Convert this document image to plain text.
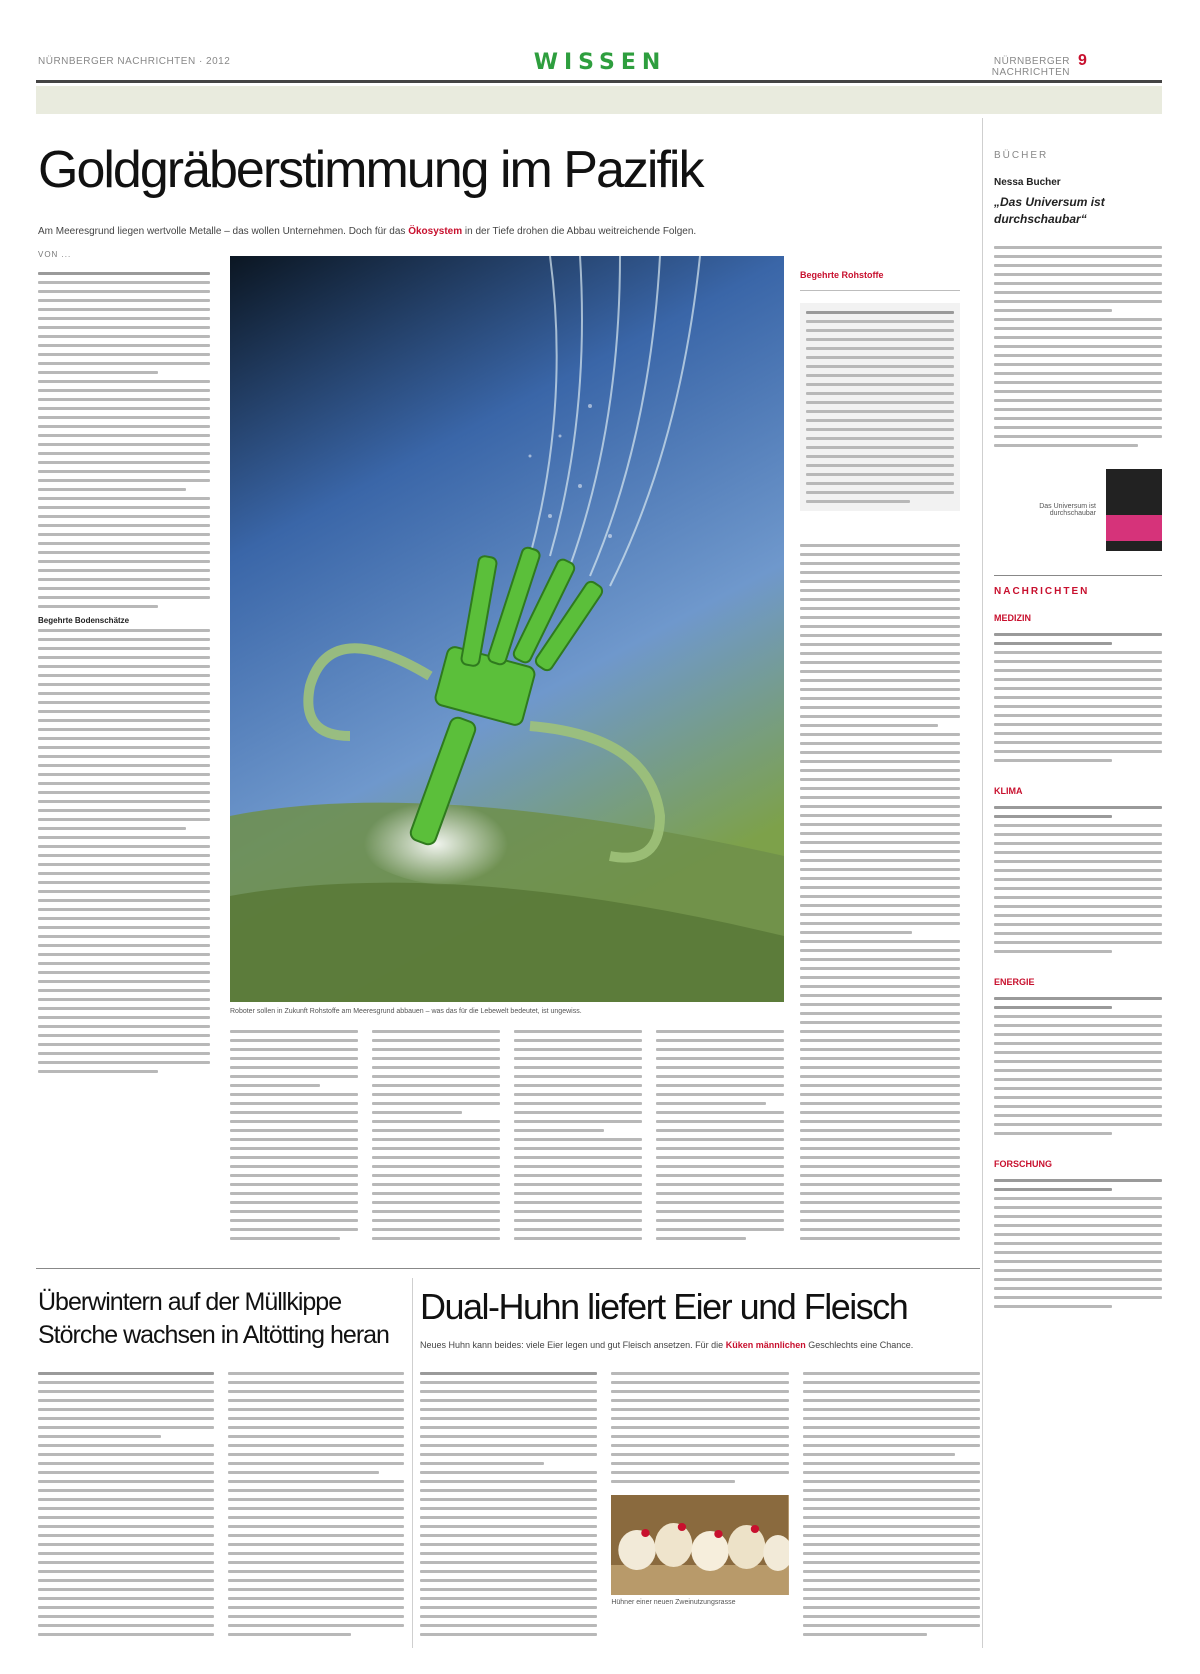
NÜRNBERGER NACHRICHTEN · 2012	WISSEN	NÜRNBERGER NACHRICHTEN
9
Goldgräberstimmung im Pazifik
Am Meeresgrund liegen wertvolle Metalle – das wollen Unternehmen. Doch für das Ökosystem in der Tiefe drohen die Abbau weitreichende Folgen.
VON ...
Begehrte Bodenschätze
Roboter sollen in Zukunft Rohstoffe am Meeresgrund abbauen – was das für die Lebewelt bedeutet, ist ungewiss.
Begehrte Rohstoffe
BÜCHER
Nessa Bucher
„Das Universum ist durchschaubar“
Das Universum ist durchschaubar
NACHRICHTEN
MEDIZIN
KLIMA
ENERGIE
FORSCHUNG
Überwintern auf der Müllkippe
Störche wachsen in Altötting heran
Dual-Huhn liefert Eier und Fleisch
Neues Huhn kann beides: viele Eier legen und gut Fleisch ansetzen. Für die Küken männlichen Geschlechts eine Chance.
Hühner einer neuen Zweinutzungsrasse
